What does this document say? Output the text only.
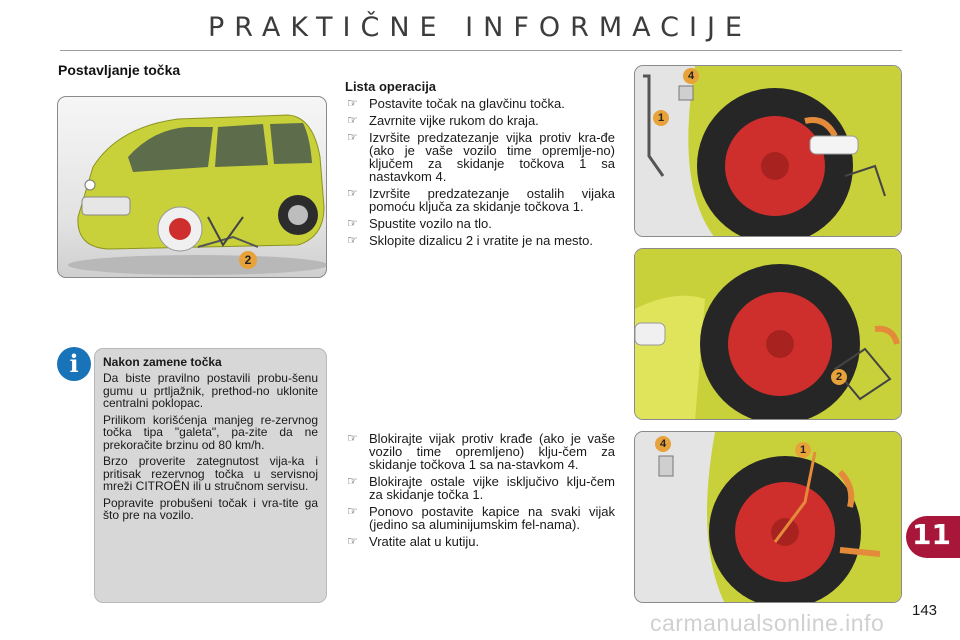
PRAKTIČNE INFORMACIJE
Postavljanje točka
2
4
1
2
4	1
Lista operacija
☞ Postavite točak na glavčinu točka.
☞ Zavrnite vijke rukom do kraja.
☞ Izvršite predzatezanje vijka protiv kra-đe (ako je vaše vozilo time opremlje-no) ključem za skidanje točkova 1 sa nastavkom 4.
☞ Izvršite predzatezanje ostalih vijaka pomoću ključa za skidanje točkova 1.
☞ Spustite vozilo na tlo.
☞ Sklopite dizalicu 2 i vratite je na mesto.
☞ Blokirajte vijak protiv krađe (ako je vaše vozilo time opremljeno) klju-čem za skidanje točkova 1 sa na-stavkom 4.
☞ Blokirajte ostale vijke isključivo klju-čem za skidanje točka 1.
☞ Ponovo postavite kapice na svaki vijak (jedino sa aluminijumskim fel-nama).
☞ Vratite alat u kutiju.
i	Nakon zamene točka
Da biste pravilno postavili probu-šenu gumu u prtljažnik, prethod-no uklonite centralni poklopac.
Prilikom korišćenja manjeg re-zervnog točka tipa "galeta", pa-zite da ne prekoračite brzinu od 80 km/h.
Brzo proverite zategnutost vija-ka i pritisak rezervnog točka u servisnoj mreži CITROËN ili u stručnom servisu.
Popravite probušeni točak i vra-tite ga što pre na vozilo.
11
143
carmanualsonline.info
